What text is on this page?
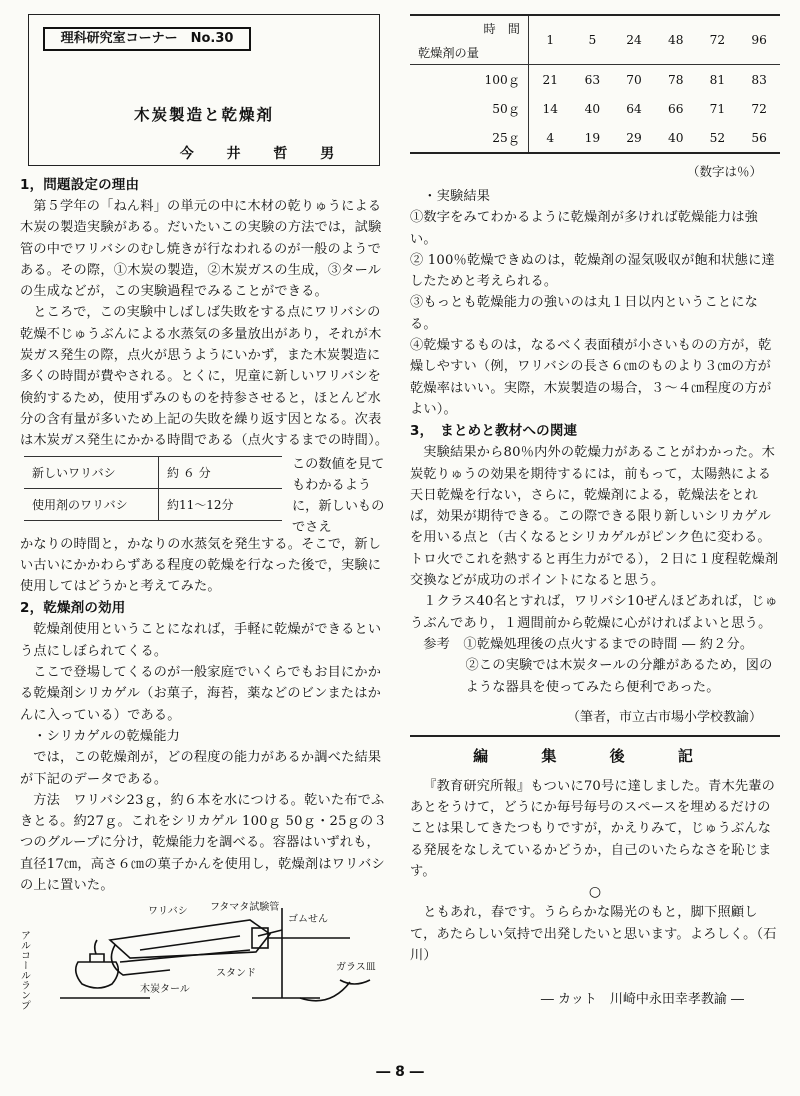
理科研究室コーナー　No.30
木炭製造と乾燥剤
今 井 哲 男

1，問題設定の理由

第５学年の「ねん料」の単元の中に木材の乾りゅうによる木炭の製造実験がある。だいたいこの実験の方法では，試験管の中でワリバシのむし焼きが行なわれるのが一般のようである。その際，①木炭の製造，②木炭ガスの生成，③タールの生成などが，この実験過程でみることができる。

ところで，この実験中しばしば失敗をする点にワリバシの乾燥不じゅうぶんによる水蒸気の多量放出があり，それが木炭ガス発生の際，点火が思うようにいかず，また木炭製造に多くの時間が費やされる。とくに，児童に新しいワリバシを倹約するため，使用ずみのものを持参させると，ほとんど水分の含有量が多いため上記の失敗を繰り返す因となる。次表は木炭ガス発生にかかる時間である（点火するまでの時間）。

新しいワリバシ	約 ６ 分
使用剤のワリバシ	約11～12分
この数値を見てもわかるように，新しいものでさえ

かなりの時間と，かなりの水蒸気を発生する。そこで，新しい古いにかかわらずある程度の乾燥を行なった後で，実験に使用してはどうかと考えてみた。

2，乾燥剤の効用

乾燥剤使用ということになれば，手軽に乾燥ができるという点にしぼられてくる。

ここで登場してくるのが一般家庭でいくらでもお目にかかる乾燥剤シリカゲル（お菓子，海苔，薬などのビンまたはかんに入っている）である。

・シリカゲルの乾燥能力

では，この乾燥剤が，どの程度の能力があるか調べた結果が下記のデータである。

方法　ワリバシ23ｇ，約６本を水につける。乾いた布でふきとる。約27ｇ。これをシリカゲル 100ｇ 50ｇ・25ｇの３つのグループに分け，乾燥能力を調べる。容器はいずれも，直径17㎝，高さ６㎝の菓子かんを使用し，乾燥剤はワリバシの上に置いた。

ワリバシ フタマタ試験管
ゴムせん
アルコールランプ	スタンド
木炭タール
ガラス皿
時　間	1	5	24	48	72	96
乾燥剤の量						
100ｇ	21	63	70	78	81	83
50ｇ	14	40	64	66	71	72
25ｇ	4	19	29	40	52	56
（数字は％）

・実験結果

①数字をみてわかるように乾燥剤が多ければ乾燥能力は強い。

② 100％乾燥できぬのは，乾燥剤の湿気吸収が飽和状態に達したためと考えられる。

③もっとも乾燥能力の強いのは丸１日以内ということになる。

④乾燥するものは，なるべく表面積が小さいものの方が，乾燥しやすい（例，ワリバシの長さ６㎝のものより３㎝の方が乾燥率はいい。実際，木炭製造の場合，３～４㎝程度の方がよい）。

3，　まとめと教材への関連

実験結果から80％内外の乾燥力があることがわかった。木炭乾りゅうの効果を期待するには，前もって，太陽熱による天日乾燥を行ない，さらに，乾燥剤による，乾燥法をとれば，効果が期待できる。この際できる限り新しいシリカゲルを用いる点と（古くなるとシリカゲルがピンク色に変わる。トロ火でこれを熱すると再生力がでる），２日に１度程乾燥剤交換などが成功のポイントになると思う。

１クラス40名とすれば，ワリバシ10ぜんほどあれば，じゅうぶんであり，１週間前から乾燥に心がければよいと思う。

参考　①乾燥処理後の点火するまでの時間 ― 約２分。

②この実験では木炭タールの分離があるため，図のような器具を使ってみたら便利であった。

（筆者，市立古市場小学校教諭）
編 集 後 記

『教育研究所報』もついに70号に達しました。青木先輩のあとをうけて，どうにか毎号毎号のスペースを埋めるだけのことは果してきたつもりですが，かえりみて，じゅうぶんなる発展をなしえているかどうか，自己のいたらなさを恥じます。

○

ともあれ，春です。うららかな陽光のもと，脚下照顧して，あたらしい気持で出発したいと思います。よろしく。（石川）

― カット　川崎中永田幸孝教諭 ―
― 8 ―
